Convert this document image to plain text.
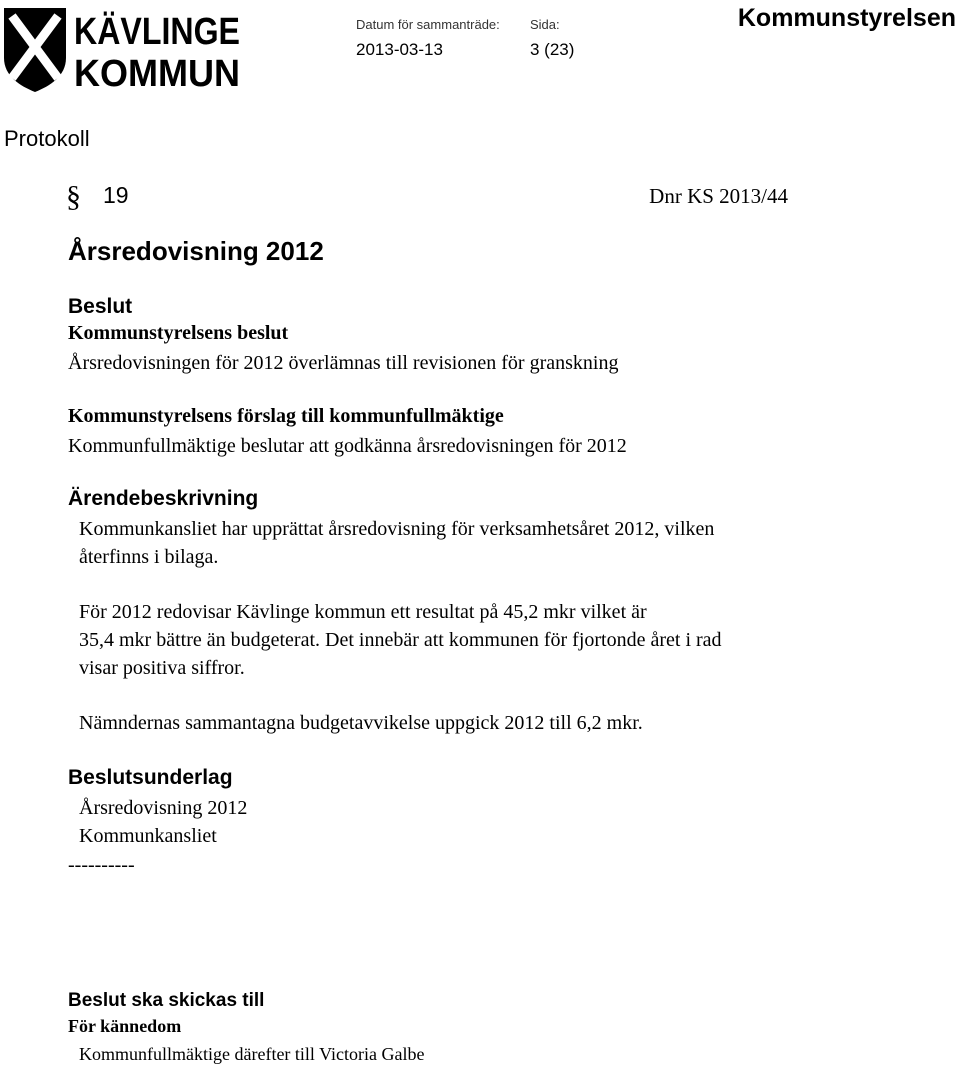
KÄVLINGE
KOMMUN
Datum för sammanträde:
2013-03-13
Sida:
3 (23)
Kommunstyrelsen
Protokoll
§ 19	Dnr KS 2013/44
Årsredovisning 2012
Beslut
Kommunstyrelsens beslut
Årsredovisningen för 2012 överlämnas till revisionen för granskning
Kommunstyrelsens förslag till kommunfullmäktige
Kommunfullmäktige beslutar att godkänna årsredovisningen för 2012
Ärendebeskrivning
Kommunkansliet har upprättat årsredovisning för verksamhetsåret 2012, vilken
återfinns i bilaga.
För 2012 redovisar Kävlinge kommun ett resultat på 45,2 mkr vilket är
35,4 mkr bättre än budgeterat. Det innebär att kommunen för fjortonde året i rad
visar positiva siffror.
Nämndernas sammantagna budgetavvikelse uppgick 2012 till 6,2 mkr.
Beslutsunderlag
Årsredovisning 2012
Kommunkansliet
----------
Beslut ska skickas till
För kännedom
Kommunfullmäktige därefter till Victoria Galbe
